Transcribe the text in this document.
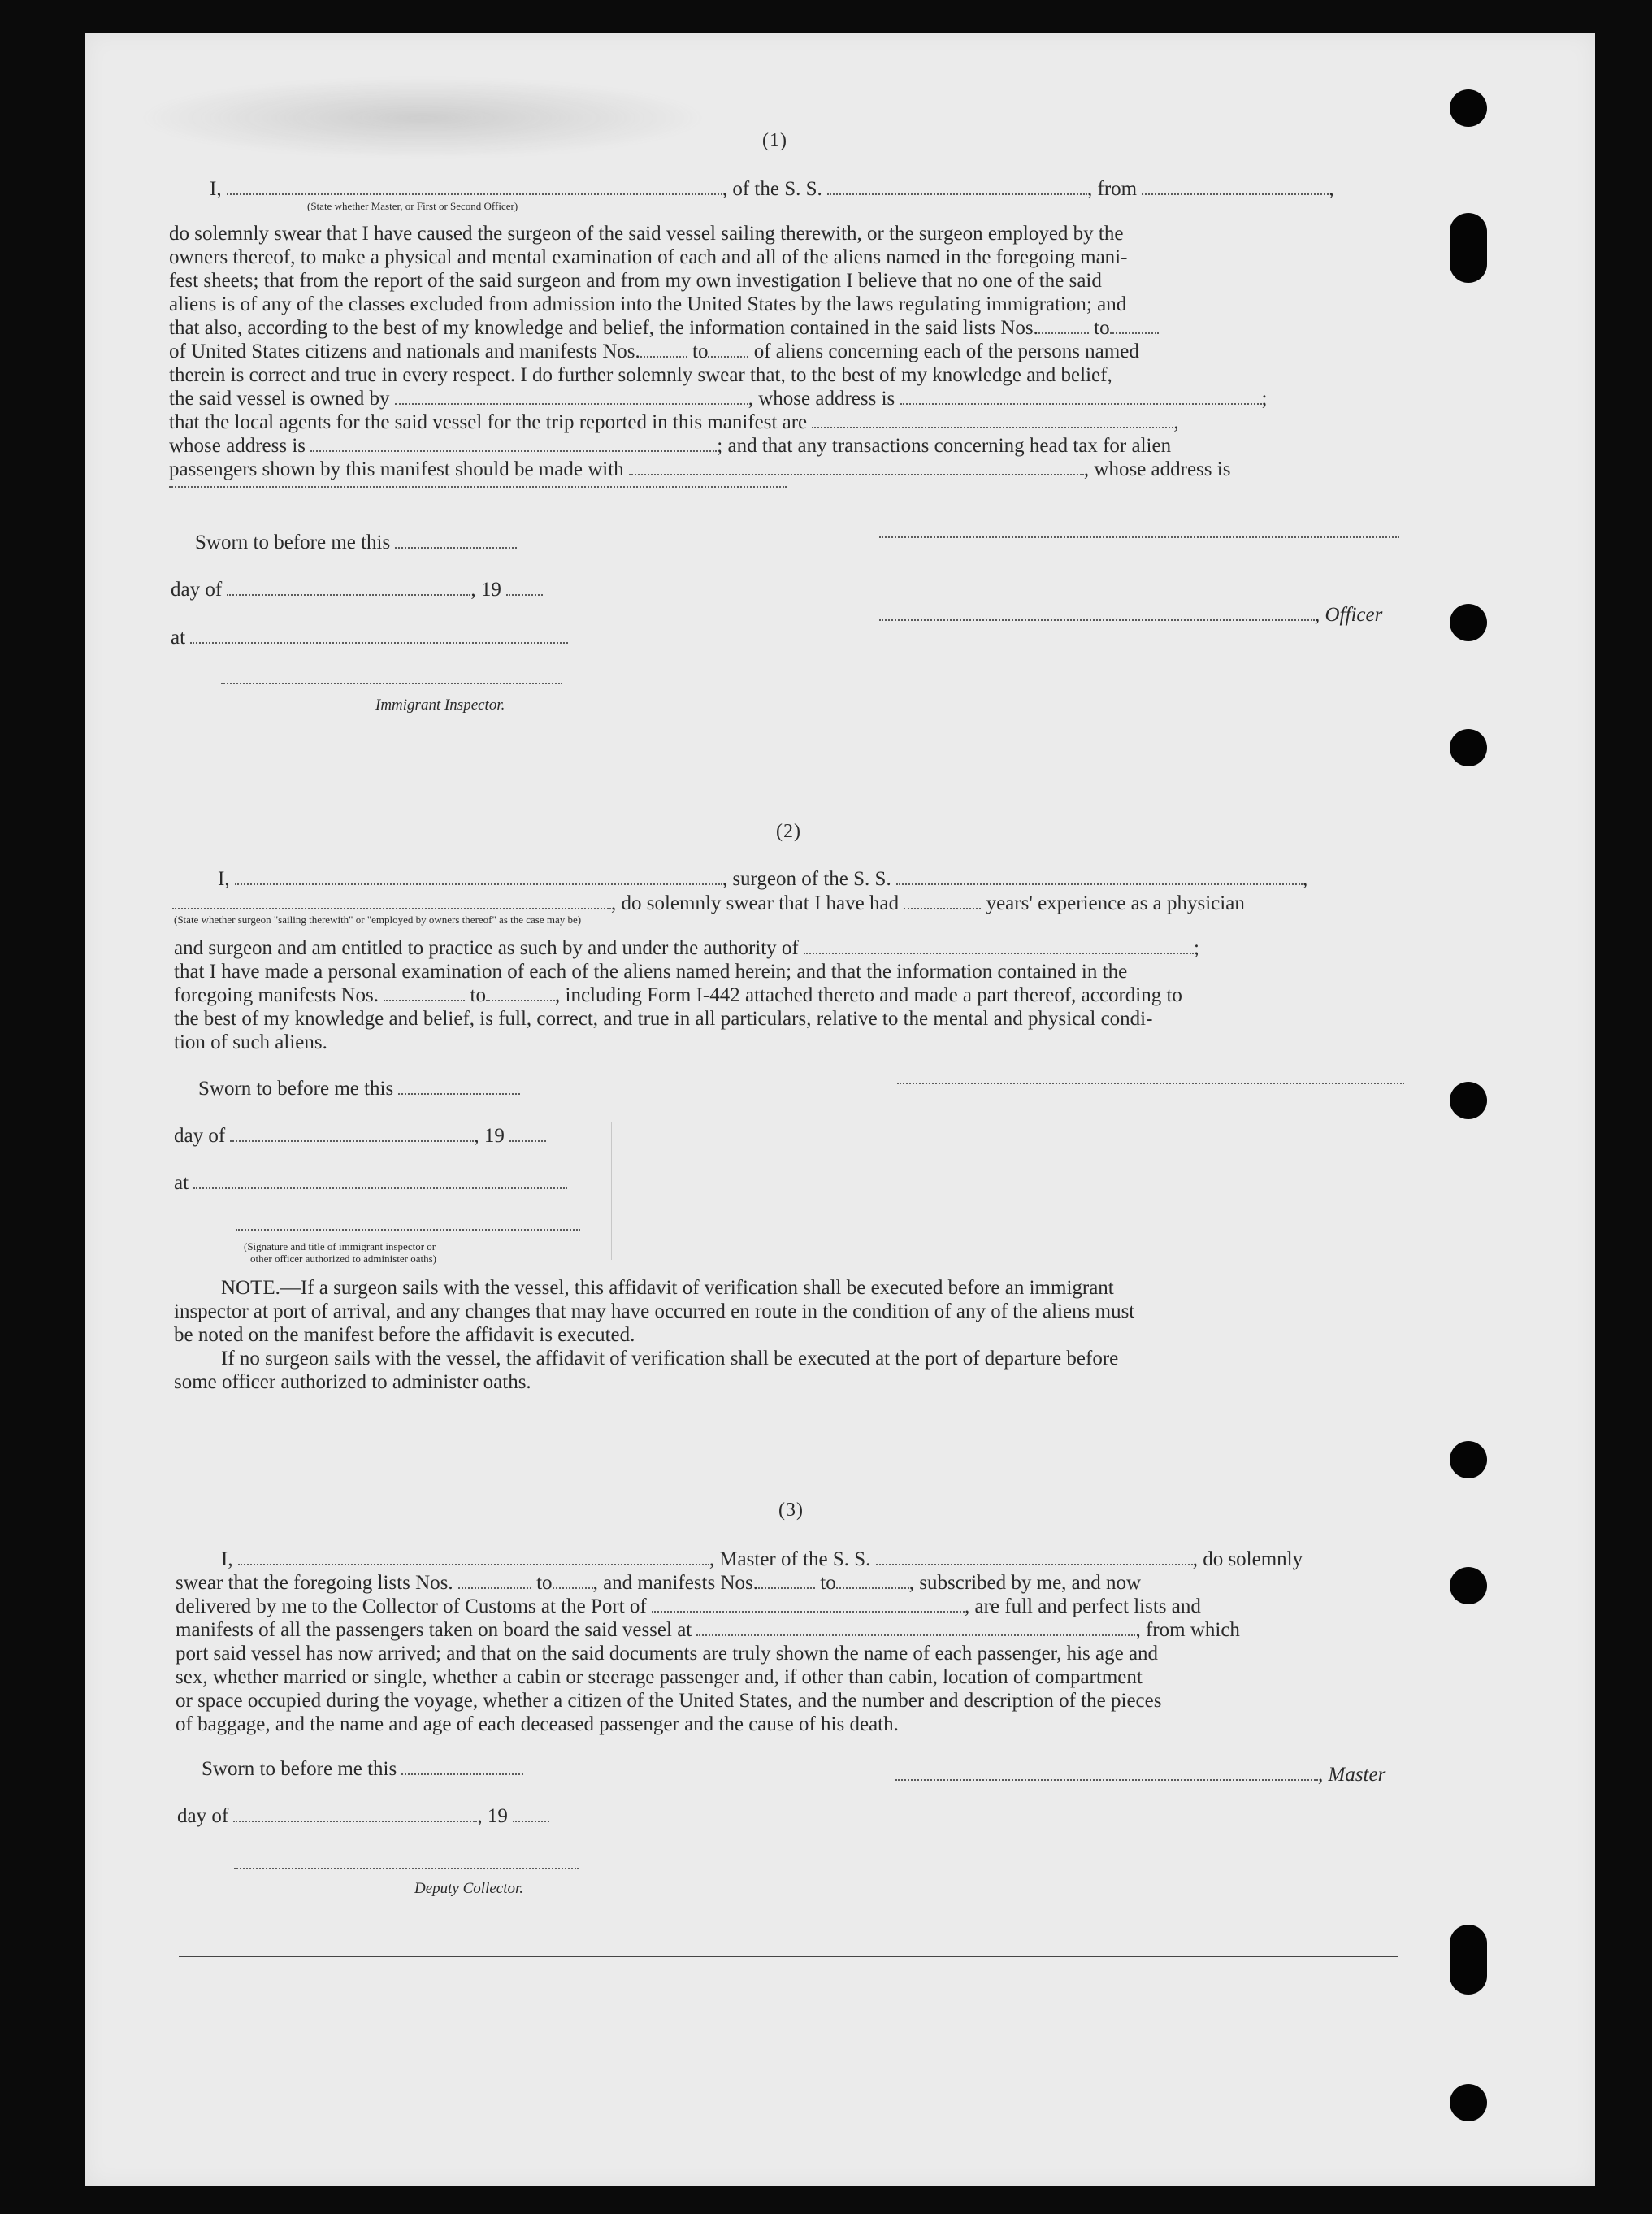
(1)
I,	, of the S. S.	, from	,
(State whether Master, or First or Second Officer)
do solemnly swear that I have caused the surgeon of the said vessel sailing therewith, or the surgeon employed by the
owners thereof, to make a physical and mental examination of each and all of the aliens named in the foregoing mani-
fest sheets; that from the report of the said surgeon and from my own investigation I believe that no one of the said
aliens is of any of the classes excluded from admission into the United States by the laws regulating immigration; and
that also, according to the best of my knowledge and belief, the information contained in the said lists Nos.	to
of United States citizens and nationals and manifests Nos.	to of aliens concerning each of the persons named
therein is correct and true in every respect. I do further solemnly swear that, to the best of my knowledge and belief,
the said vessel is owned by	, whose address is	;
that the local agents for the said vessel for the trip reported in this manifest are	,
whose address is	; and that any transactions concerning head tax for alien
passengers shown by this manifest should be made with	, whose address is
Sworn to before me this
day of	, 19
, Officer
at
Immigrant Inspector.
(2)
I,	, surgeon of the S. S.	,
, do solemnly swear that I have had	years' experience as a physician
(State whether surgeon "sailing therewith" or "employed by owners thereof" as the case may be)
and surgeon and am entitled to practice as such by and under the authority of	;
that I have made a personal examination of each of the aliens named herein; and that the information contained in the
foregoing manifests Nos.	to	, including Form I-442 attached thereto and made a part thereof, according to
the best of my knowledge and belief, is full, correct, and true in all particulars, relative to the mental and physical condi-
tion of such aliens.
Sworn to before me this
day of	, 19
at
(Signature and title of immigrant inspector or
other officer authorized to administer oaths)
NOTE.—If a surgeon sails with the vessel, this affidavit of verification shall be executed before an immigrant
inspector at port of arrival, and any changes that may have occurred en route in the condition of any of the aliens must
be noted on the manifest before the affidavit is executed.
If no surgeon sails with the vessel, the affidavit of verification shall be executed at the port of departure before
some officer authorized to administer oaths.
(3)
I,	, Master of the S. S.	, do solemnly
swear that the foregoing lists Nos.	to , and manifests Nos.	to	, subscribed by me, and now
delivered by me to the Collector of Customs at the Port of	, are full and perfect lists and
manifests of all the passengers taken on board the said vessel at	, from which
port said vessel has now arrived; and that on the said documents are truly shown the name of each passenger, his age and
sex, whether married or single, whether a cabin or steerage passenger and, if other than cabin, location of compartment
or space occupied during the voyage, whether a citizen of the United States, and the number and description of the pieces
of baggage, and the name and age of each deceased passenger and the cause of his death.
Sworn to before me this	, Master
day of	, 19
Deputy Collector.
